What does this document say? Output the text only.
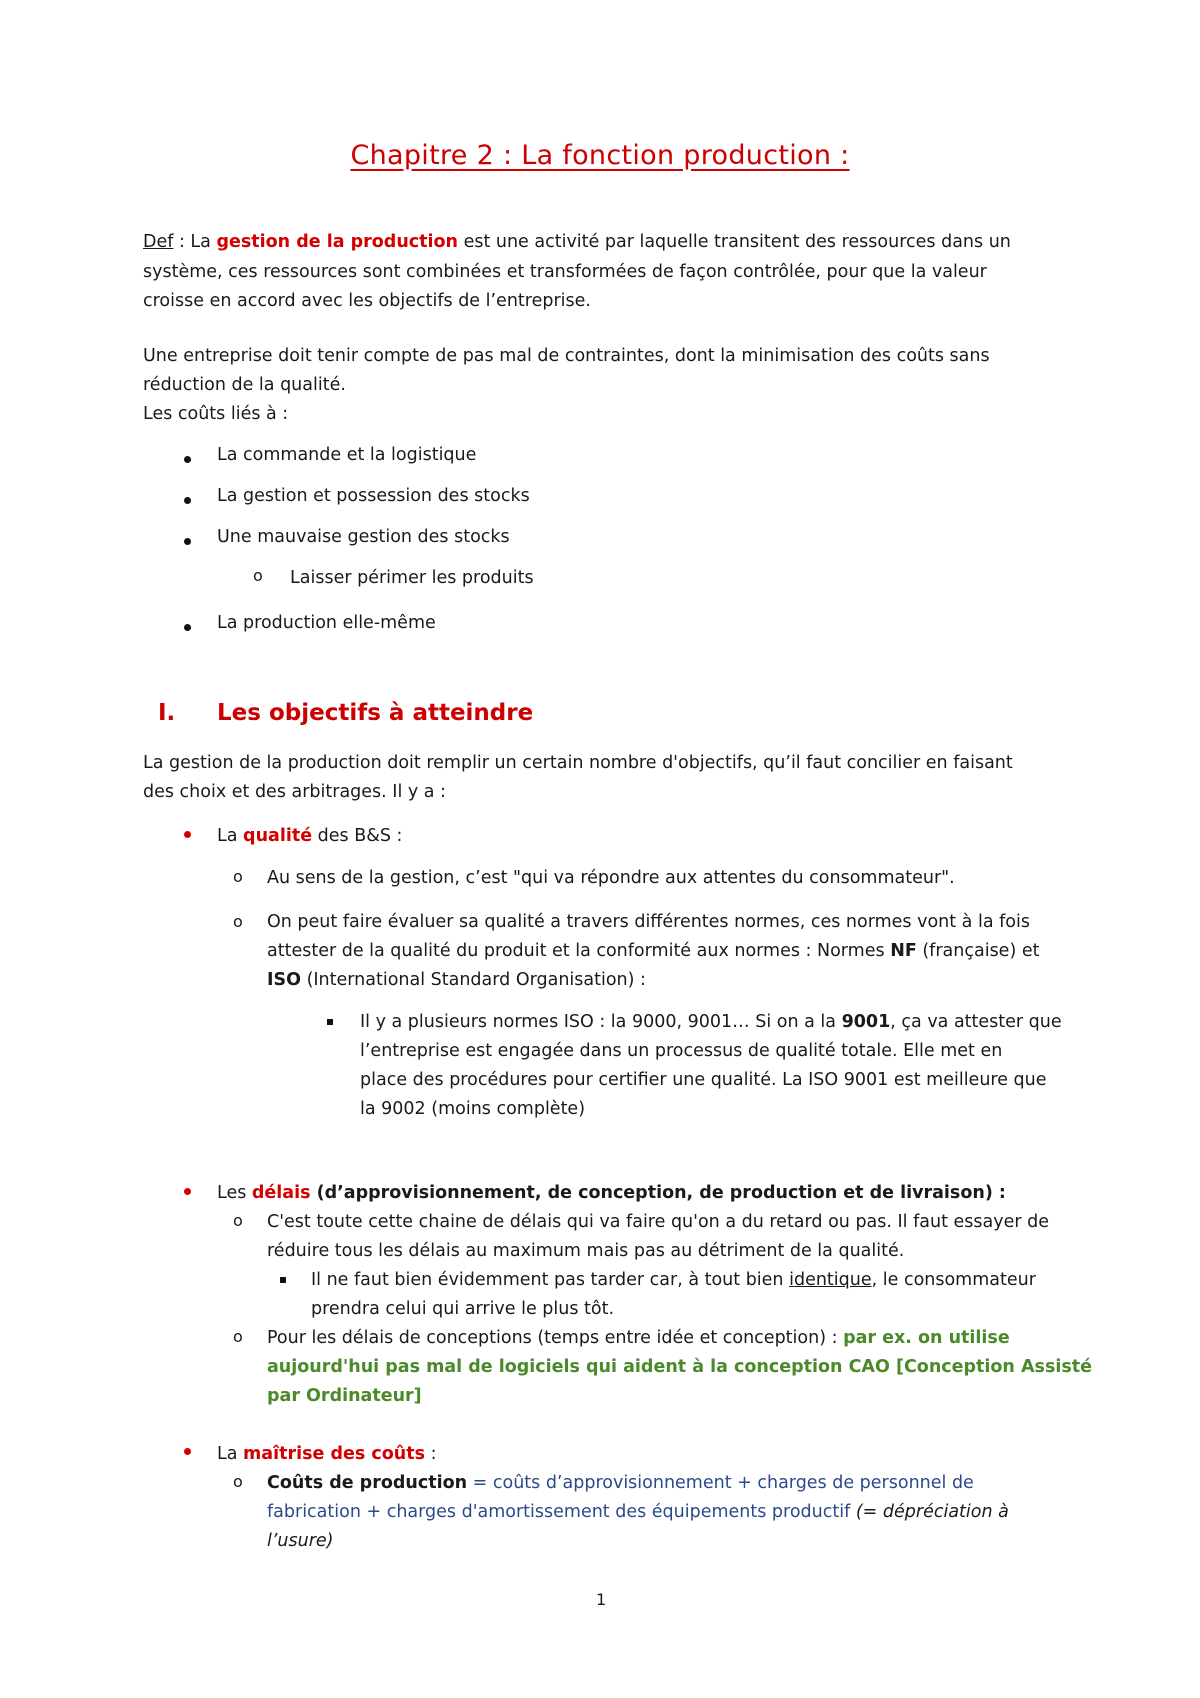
Chapitre 2 : La fonction production :
Def : La gestion de la production est une activité par laquelle transitent des ressources dans un
système, ces ressources sont combinées et transformées de façon contrôlée, pour que la valeur
croisse en accord avec les objectifs de l’entreprise.
Une entreprise doit tenir compte de pas mal de contraintes, dont la minimisation des coûts sans
réduction de la qualité.
Les coûts liés à :
La commande et la logistique
La gestion et possession des stocks
Une mauvaise gestion des stocks
o Laisser périmer les produits
La production elle-même
I. Les objectifs à atteindre
La gestion de la production doit remplir un certain nombre d'objectifs, qu’il faut concilier en faisant
des choix et des arbitrages. Il y a :
La qualité des B&S :
o Au sens de la gestion, c’est "qui va répondre aux attentes du consommateur".
o On peut faire évaluer sa qualité a travers différentes normes, ces normes vont à la fois
attester de la qualité du produit et la conformité aux normes : Normes NF (française) et
ISO (International Standard Organisation) :
Il y a plusieurs normes ISO : la 9000, 9001… Si on a la 9001, ça va attester que
l’entreprise est engagée dans un processus de qualité totale. Elle met en
place des procédures pour certifier une qualité. La ISO 9001 est meilleure que
la 9002 (moins complète)
Les délais (d’approvisionnement, de conception, de production et de livraison) :
o C'est toute cette chaine de délais qui va faire qu'on a du retard ou pas. Il faut essayer de
réduire tous les délais au maximum mais pas au détriment de la qualité.
Il ne faut bien évidemment pas tarder car, à tout bien identique, le consommateur
prendra celui qui arrive le plus tôt.
o Pour les délais de conceptions (temps entre idée et conception) : par ex. on utilise
aujourd'hui pas mal de logiciels qui aident à la conception CAO [Conception Assisté
par Ordinateur]
La maîtrise des coûts :
o Coûts de production = coûts d’approvisionnement + charges de personnel de
fabrication + charges d'amortissement des équipements productif (= dépréciation à
l’usure)
1
